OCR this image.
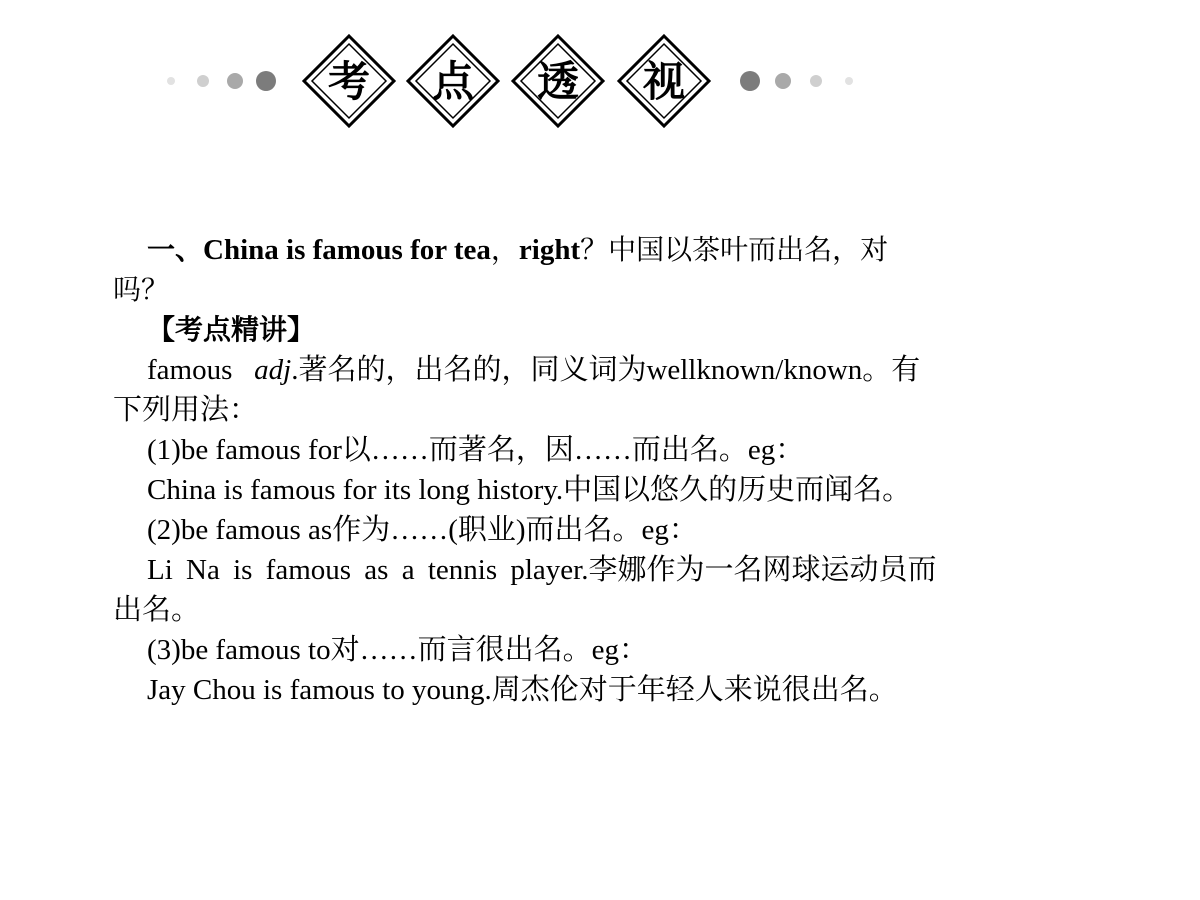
考 点 透 视
一、China is famous for tea，right？中国以茶叶而出名，对
吗？
【考点精讲】
famous adj.著名的，出名的，同义词为wellknown/known。有
下列用法：
(1)be famous for以……而著名，因……而出名。eg：
China is famous for its long history.中国以悠久的历史而闻名。
(2)be famous as作为……(职业)而出名。eg：
Li Na is famous as a tennis player.李娜作为一名网球运动员而
出名。
(3)be famous to对……而言很出名。eg：
Jay Chou is famous to young.周杰伦对于年轻人来说很出名。
